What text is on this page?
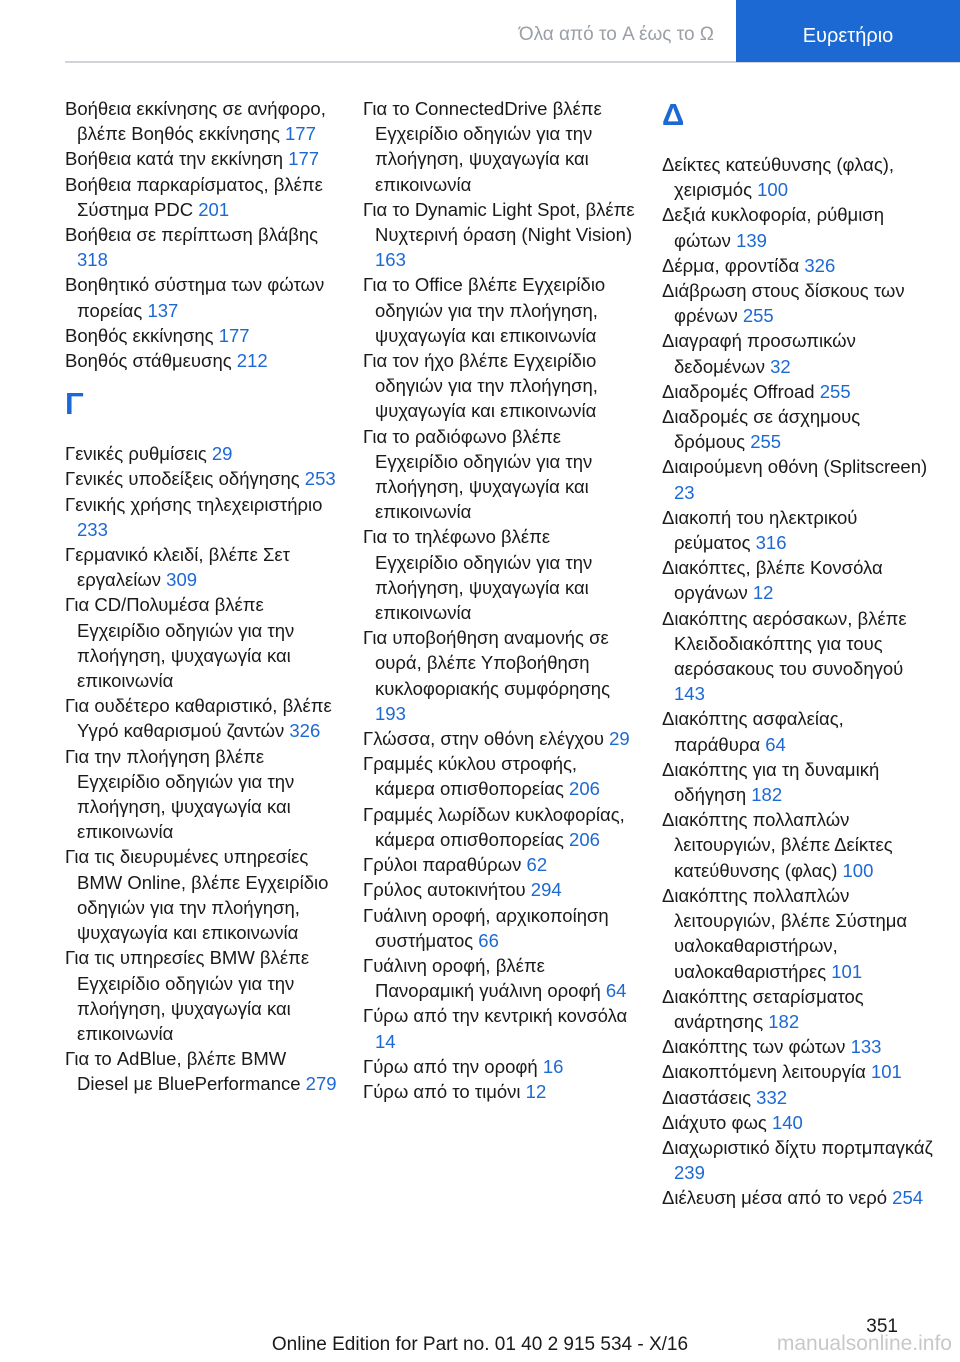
Όλα από το A έως το Ω	Ευρετήριο

Βοήθεια εκκίνησης σε ανήφορο, βλέπε Βοηθός εκκίνησης 177

Βοήθεια κατά την εκκίνηση 177

Βοήθεια παρκαρίσματος, βλέπε Σύστημα PDC 201

Βοήθεια σε περίπτωση βλάβης 318

Βοηθητικό σύστημα των φώτων πορείας 137

Βοηθός εκκίνησης 177

Βοηθός στάθμευσης 212

Γ

Γενικές ρυθμίσεις 29

Γενικές υποδείξεις οδήγησης 253

Γενικής χρήσης τηλεχειριστήριο 233

Γερμανικό κλειδί, βλέπε Σετ εργαλείων 309

Για CD/Πολυμέσα βλέπε Εγχειρίδιο οδηγιών για την πλοήγηση, ψυχαγωγία και επικοινωνία

Για ουδέτερο καθαριστικό, βλέπε Υγρό καθαρισμού ζαντών 326

Για την πλοήγηση βλέπε Εγχειρίδιο οδηγιών για την πλοήγηση, ψυχαγωγία και επικοινωνία

Για τις διευρυμένες υπηρεσίες BMW Online, βλέπε Εγχειρίδιο οδηγιών για την πλοήγηση, ψυχαγωγία και επικοινωνία

Για τις υπηρεσίες BMW βλέπε Εγχειρίδιο οδηγιών για την πλοήγηση, ψυχαγωγία και επικοινωνία

Για το AdBlue, βλέπε BMW Diesel με BluePerformance 279

Για το ConnectedDrive βλέπε Εγχειρίδιο οδηγιών για την πλοήγηση, ψυχαγωγία και επικοινωνία

Για το Dynamic Light Spot, βλέπε Νυχτερινή όραση (Night Vision) 163

Για το Office βλέπε Εγχειρίδιο οδηγιών για την πλοήγηση, ψυχαγωγία και επικοινωνία

Για τον ήχο βλέπε Εγχειρίδιο οδηγιών για την πλοήγηση, ψυχαγωγία και επικοινωνία

Για το ραδιόφωνο βλέπε Εγχειρίδιο οδηγιών για την πλοήγηση, ψυχαγωγία και επικοινωνία

Για το τηλέφωνο βλέπε Εγχειρίδιο οδηγιών για την πλοήγηση, ψυχαγωγία και επικοινωνία

Για υποβοήθηση αναμονής σε ουρά, βλέπε Υποβοήθηση κυκλοφοριακής συμφόρησης 193

Γλώσσα, στην οθόνη ελέγχου 29

Γραμμές κύκλου στροφής, κάμερα οπισθοπορείας 206

Γραμμές λωρίδων κυκλοφορίας, κάμερα οπισθοπορείας 206

Γρύλοι παραθύρων 62

Γρύλος αυτοκινήτου 294

Γυάλινη οροφή, αρχικοποίηση συστήματος 66

Γυάλινη οροφή, βλέπε Πανοραμική γυάλινη οροφή 64

Γύρω από την κεντρική κονσόλα 14

Γύρω από την οροφή 16

Γύρω από το τιμόνι 12

Δ

Δείκτες κατεύθυνσης (φλας), χειρισμός 100

Δεξιά κυκλοφορία, ρύθμιση φώτων 139

Δέρμα, φροντίδα 326

Διάβρωση στους δίσκους των φρένων 255

Διαγραφή προσωπικών δεδομένων 32

Διαδρομές Offroad 255

Διαδρομές σε άσχημους δρόμους 255

Διαιρούμενη οθόνη (Splitscreen) 23

Διακοπή του ηλεκτρικού ρεύματος 316

Διακόπτες, βλέπε Κονσόλα οργάνων 12

Διακόπτης αερόσακων, βλέπε Κλειδοδιακόπτης για τους αερόσακους του συνοδηγού 143

Διακόπτης ασφαλείας, παράθυρα 64

Διακόπτης για τη δυναμική οδήγηση 182

Διακόπτης πολλαπλών λειτουργιών, βλέπε Δείκτες κατεύθυνσης (φλας) 100

Διακόπτης πολλαπλών λειτουργιών, βλέπε Σύστημα υαλοκαθαριστήρων, υαλοκαθαριστήρες 101

Διακόπτης σεταρίσματος ανάρτησης 182

Διακόπτης των φώτων 133

Διακοπτόμενη λειτουργία 101

Διαστάσεις 332

Διάχυτο φως 140

Διαχωριστικό δίχτυ πορτμπαγκάζ 239

Διέλευση μέσα από το νερό 254

351
Online Edition for Part no. 01 40 2 915 534 - X/16	manualsonline.info
